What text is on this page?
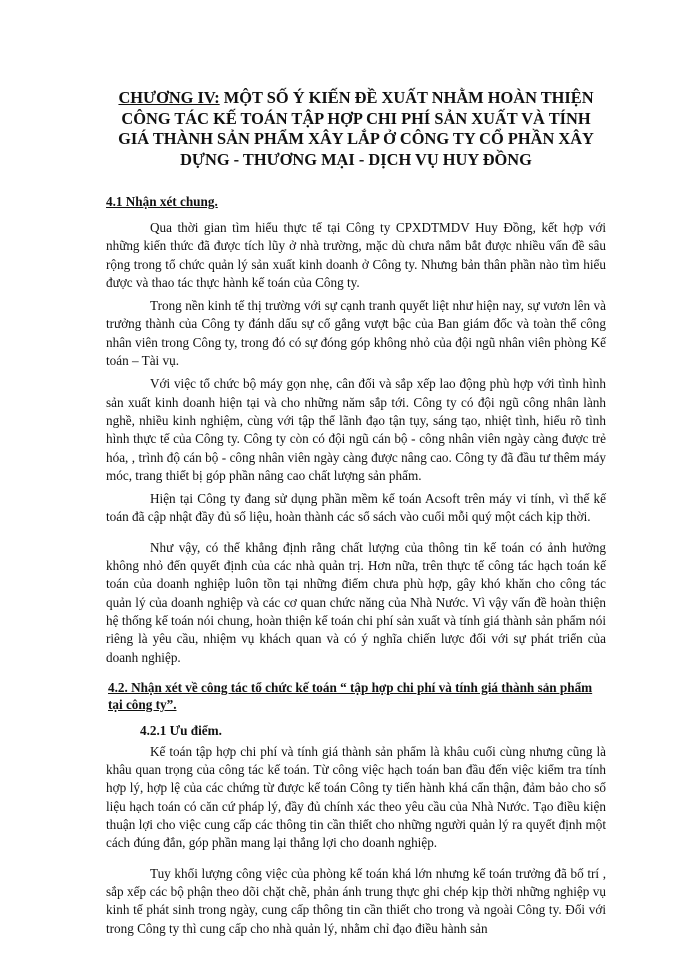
CHƯƠNG IV: MỘT SỐ Ý KIẾN ĐỀ XUẤT NHẰM HOÀN THIỆN CÔNG TÁC KẾ TOÁN TẬP HỢP CHI PHÍ SẢN XUẤT VÀ TÍNH GIÁ THÀNH SẢN PHẨM XÂY LẮP Ở CÔNG TY CỔ PHẦN XÂY DỰNG - THƯƠNG MẠI - DỊCH VỤ HUY ĐỒNG
4.1 Nhận xét chung.

Qua thời gian tìm hiểu thực tế tại Công ty CPXDTMDV Huy Đồng, kết hợp với những kiến thức đã được tích lũy ở nhà trường, mặc dù chưa nắm bắt được nhiều vấn đề sâu rộng trong tổ chức quản lý sản xuất kinh doanh ở Công ty. Nhưng bản thân phần nào tìm hiểu được và thao tác thực hành kế toán của Công ty.

Trong nền kinh tế thị trường với sự cạnh tranh quyết liệt như hiện nay, sự vươn lên và trưởng thành của Công ty đánh dấu sự cố gắng vượt bậc của Ban giám đốc và toàn thể công nhân viên trong Công ty, trong đó có sự đóng góp không nhỏ của đội ngũ nhân viên phòng Kế toán – Tài vụ.

Với việc tổ chức bộ máy gọn nhẹ, cân đối và sắp xếp lao động phù hợp với tình hình sản xuất kinh doanh hiện tại và cho những năm sắp tới. Công ty có đội ngũ công nhân lành nghề, nhiều kinh nghiệm, cùng với tập thể lãnh đạo tận tụy, sáng tạo, nhiệt tình, hiểu rõ tình hình thực tế của Công ty. Công ty còn có đội ngũ cán bộ - công nhân viên ngày càng được trẻ hóa, , trình độ cán bộ - công nhân viên ngày càng được nâng cao. Công ty đã đầu tư thêm máy móc, trang thiết bị góp phần nâng cao chất lượng sản phẩm.

Hiện tại Công ty đang sử dụng phần mềm kế toán Acsoft trên máy vi tính, vì thế kế toán đã cập nhật đầy đủ số liệu, hoàn thành các sổ sách vào cuối mỗi quý một cách kịp thời.

Như vậy, có thể khẳng định rằng chất lượng của thông tin kế toán có ảnh hưởng không nhỏ đến quyết định của các nhà quản trị. Hơn nữa, trên thực tế công tác hạch toán kế toán của doanh nghiệp luôn tồn tại những điểm chưa phù hợp, gây khó khăn cho công tác quản lý của doanh nghiệp và các cơ quan chức năng của Nhà Nước. Vì vậy vấn đề hoàn thiện hệ thống kế toán nói chung, hoàn thiện kế toán chi phí sản xuất và tính giá thành sản phẩm nói riêng là yêu cầu, nhiệm vụ khách quan và có ý nghĩa chiến lược đối với sự phát triển của doanh nghiệp.

4.2. Nhận xét về công tác tổ chức kế toán “ tập hợp chi phí và tính giá thành sản phẩm tại công ty”.
4.2.1 Ưu điểm.

Kế toán tập hợp chi phí và tính giá thành sản phẩm là khâu cuối cùng nhưng cũng là khâu quan trọng của công tác kế toán. Từ công việc hạch toán ban đầu đến việc kiểm tra tính hợp lý, hợp lệ của các chứng từ được kế toán Công ty tiến hành khá cẩn thận, đảm bảo cho số liệu hạch toán có căn cứ pháp lý, đầy đủ chính xác theo yêu cầu của Nhà Nước. Tạo điều kiện thuận lợi cho việc cung cấp các thông tin cần thiết cho những người quản lý ra quyết định một cách đúng đắn, góp phần mang lại thắng lợi cho doanh nghiệp.

Tuy khối lượng công việc của phòng kế toán khá lớn nhưng kế toán trưởng đã bố trí , sắp xếp các bộ phận theo dõi chặt chẽ, phản ánh trung thực ghi chép kịp thời những nghiệp vụ kinh tế phát sinh trong ngày, cung cấp thông tin cần thiết cho trong và ngoài Công ty. Đối với trong Công ty thì cung cấp cho nhà quản lý, nhằm chỉ đạo điều hành sản
